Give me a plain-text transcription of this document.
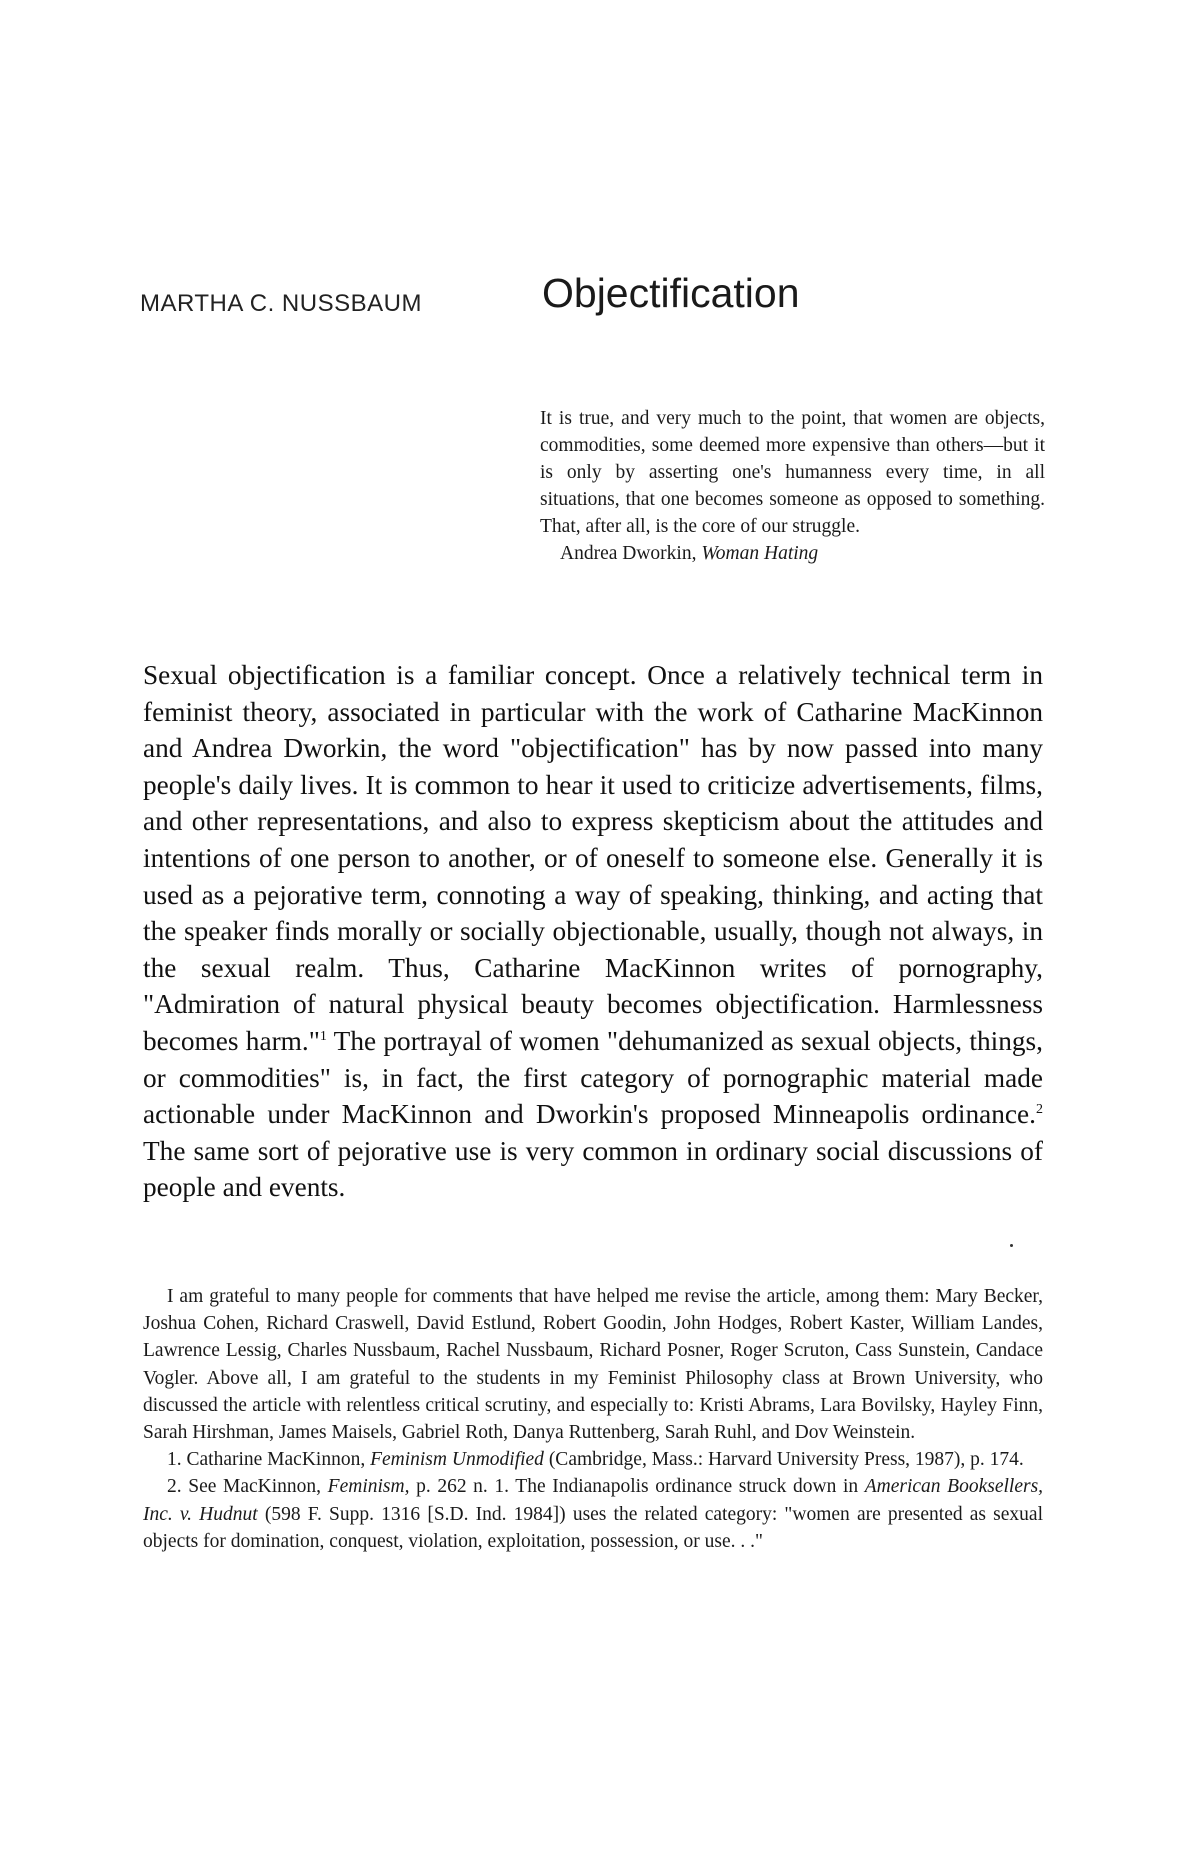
MARTHA C. NUSSBAUM	Objectification

It is true, and very much to the point, that women are objects, commodities, some deemed more expensive than others—but it is only by asserting one's humanness every time, in all situations, that one becomes someone as opposed to something. That, after all, is the core of our struggle.

Andrea Dworkin, Woman Hating

Sexual objectification is a familiar concept. Once a relatively technical term in feminist theory, associated in particular with the work of Catharine MacKinnon and Andrea Dworkin, the word "objectification" has by now passed into many people's daily lives. It is common to hear it used to criticize advertisements, films, and other representations, and also to express skepticism about the attitudes and intentions of one person to another, or of oneself to someone else. Generally it is used as a pejorative term, connoting a way of speaking, thinking, and acting that the speaker finds morally or socially objectionable, usually, though not always, in the sexual realm. Thus, Catharine MacKinnon writes of pornography, "Admiration of natural physical beauty becomes objectification. Harmlessness becomes harm."$^1$ The portrayal of women "dehumanized as sexual objects, things, or commodities" is, in fact, the first category of pornographic material made actionable under MacKinnon and Dworkin's proposed Minneapolis ordinance.$^2$ The same sort of pejorative use is very common in ordinary social discussions of people and events.

I am grateful to many people for comments that have helped me revise the article, among them: Mary Becker, Joshua Cohen, Richard Craswell, David Estlund, Robert Goodin, John Hodges, Robert Kaster, William Landes, Lawrence Lessig, Charles Nussbaum, Rachel Nussbaum, Richard Posner, Roger Scruton, Cass Sunstein, Candace Vogler. Above all, I am grateful to the students in my Feminist Philosophy class at Brown University, who discussed the article with relentless critical scrutiny, and especially to: Kristi Abrams, Lara Bovilsky, Hayley Finn, Sarah Hirshman, James Maisels, Gabriel Roth, Danya Ruttenberg, Sarah Ruhl, and Dov Weinstein.

1. Catharine MacKinnon, Feminism Unmodified (Cambridge, Mass.: Harvard University Press, 1987), p. 174.

2. See MacKinnon, Feminism, p. 262 n. 1. The Indianapolis ordinance struck down in American Booksellers, Inc. v. Hudnut (598 F. Supp. 1316 [S.D. Ind. 1984]) uses the related category: "women are presented as sexual objects for domination, conquest, violation, exploitation, possession, or use. . ."
